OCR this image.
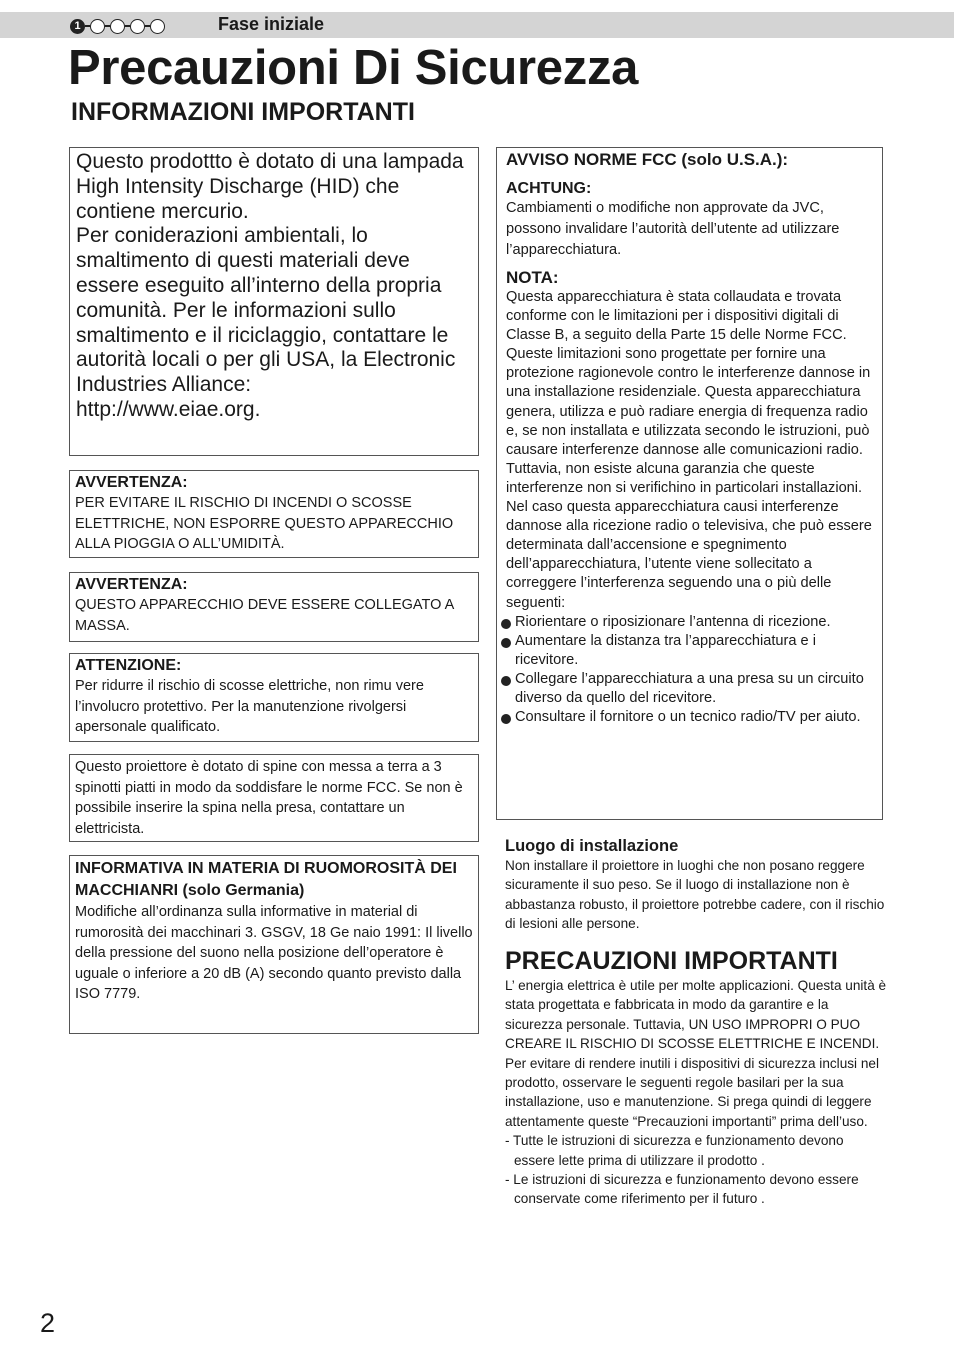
1	Fase iniziale
Precauzioni Di Sicurezza
INFORMAZIONI IMPORTANTI

Questo prodottto è dotato di una lampada High Intensity Discharge (HID) che contiene mercurio.

Per coniderazioni ambientali, lo smaltimento di questi materiali deve essere eseguito all’interno della propria comunità. Per le informazioni sullo smaltimento e il riciclaggio, contattare le autorità locali o per gli USA, la Electronic

Industries Alliance:

http://www.eiae.org.

AVVERTENZA:

PER EVITARE IL RISCHIO DI INCENDI O SCOSSE ELETTRICHE, NON ESPORRE QUESTO APPARECCHIO ALLA PIOGGIA O ALL’UMIDITÀ.

AVVERTENZA:

QUESTO APPARECCHIO DEVE ESSERE COLLEGATO A MASSA.

ATTENZIONE:

Per ridurre il rischio di scosse elettriche, non rimu vere l’involucro protettivo. Per la manutenzione rivolgersi apersonale qualificato.

Questo proiettore è dotato di spine con messa a terra a 3 spinotti piatti in modo da soddisfare le norme FCC. Se non è possibile inserire la spina nella presa, contattare un elettricista.

INFORMATIVA IN MATERIA DI RUOMOROSITÀ DEI

MACCHIANRI (solo Germania)

Modifiche all’ordinanza sulla informative in material di rumorosità dei macchinari 3. GSGV, 18 Ge naio 1991: Il livello della pressione del suono nella posizione dell’operatore è uguale o inferiore a 20 dB (A) secondo quanto previsto dalla ISO 7779.

AVVISO NORME FCC (solo U.S.A.):

ACHTUNG:

Cambiamenti o modifiche non approvate da JVC, possono invalidare l’autorità dell’utente ad utilizzare l’apparecchiatura.

NOTA:

Questa apparecchiatura è stata collaudata e trovata conforme con le limitazioni per i dispositivi digitali di Classe B, a seguito della Parte 15 delle Norme FCC. Queste limitazioni sono progettate per fornire una protezione ragionevole contro le interferenze dannose in una installazione residenziale. Questa apparecchiatura genera, utilizza e può radiare energia di frequenza radio e, se non installata e utilizzata secondo le istruzioni, può causare interferenze dannose alle comunicazioni radio. Tuttavia, non esiste alcuna garanzia che queste interferenze non si verifichino in particolari installazioni. Nel caso questa apparecchiatura causi interferenze dannose alla ricezione radio o televisiva, che può essere determinata dall’accensione e spegnimento dell’apparecchiatura, l’utente viene sollecitato a correggere l’interferenza seguendo una o più delle seguenti:

Riorientare o riposizionare l’antenna di ricezione.
Aumentare la distanza tra l’apparecchiatura e i ricevitore.
Collegare l’apparecchiatura a una presa su un circuito diverso da quello del ricevitore.
Consultare il fornitore o un tecnico radio/TV per aiuto.

Luogo di installazione

Non installare il proiettore in luoghi che non posano reggere sicuramente il suo peso. Se il luogo di installazione non è abbastanza robusto, il proiettore potrebbe cadere, con il rischio di lesioni alle persone.

PRECAUZIONI IMPORTANTI

L’ energia elettrica è utile per molte applicazioni. Questa unità è stata progettata e fabbricata in modo da garantire e la sicurezza personale. Tuttavia, UN USO IMPROPRI O PUO CREARE IL RISCHIO DI SCOSSE ELETTRICHE E INCENDI. Per evitare di rendere inutili i dispositivi di sicurezza inclusi nel prodotto, osservare le seguenti regole basilari per la sua installazione, uso e manutenzione. Si prega quindi di leggere attentamente queste “Precauzioni importanti” prima dell’uso.

- Tutte le istruzioni di sicurezza e funzionamento devono essere lette prima di utilizzare il prodotto .

- Le istruzioni di sicurezza e funzionamento devono essere conservate come riferimento per il futuro .

2
